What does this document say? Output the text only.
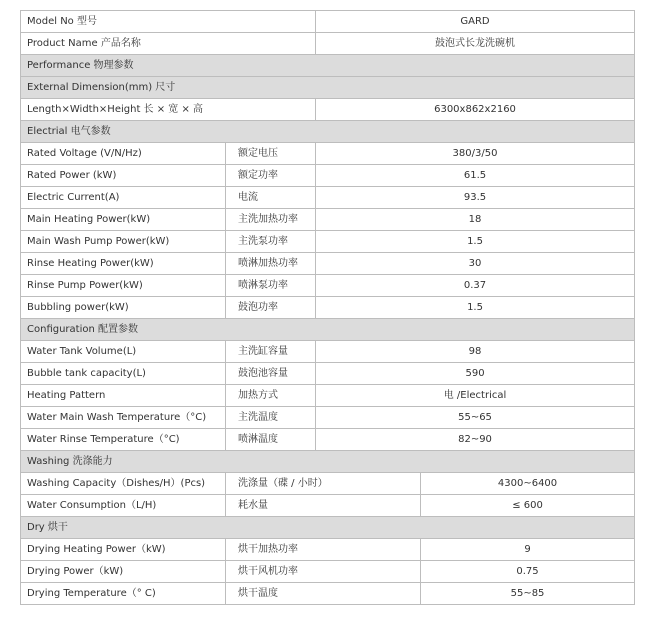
Model No 型号		GARD	
Product Name 产品名称		鼓泡式长龙洗碗机	
Performance 物理参数			
External Dimension(mm) 尺寸			
Length×Width×Height 长 × 宽 × 高		6300x862x2160	
Electrial 电气参数			
Rated Voltage (V/N/Hz)	额定电压	380/3/50	
Rated Power (kW)	额定功率	61.5	
Electric Current(A)	电流	93.5	
Main Heating Power(kW)	主洗加热功率	18	
Main Wash Pump Power(kW)	主洗泵功率	1.5	
Rinse Heating Power(kW)	喷淋加热功率	30	
Rinse Pump Power(kW)	喷淋泵功率	0.37	
Bubbling power(kW)	鼓泡功率	1.5	
Configuration 配置参数			
Water Tank Volume(L)	主洗缸容量	98	
Bubble tank capacity(L)	鼓泡池容量	590	
Heating Pattern	加热方式	电 /Electrical	
Water Main Wash Temperature（°C)	主洗温度	55~65	
Water Rinse Temperature（°C)	喷淋温度	82~90	
Washing 洗涤能力			
Washing Capacity（Dishes/H）(Pcs)	洗涤量（碟 / 小时）		4300~6400
Water Consumption（L/H)	耗水量		≤ 600
Dry 烘干			
Drying Heating Power（kW)	烘干加热功率		9
Drying Power（kW)	烘干风机功率		0.75
Drying Temperature（° C)	烘干温度		55~85
